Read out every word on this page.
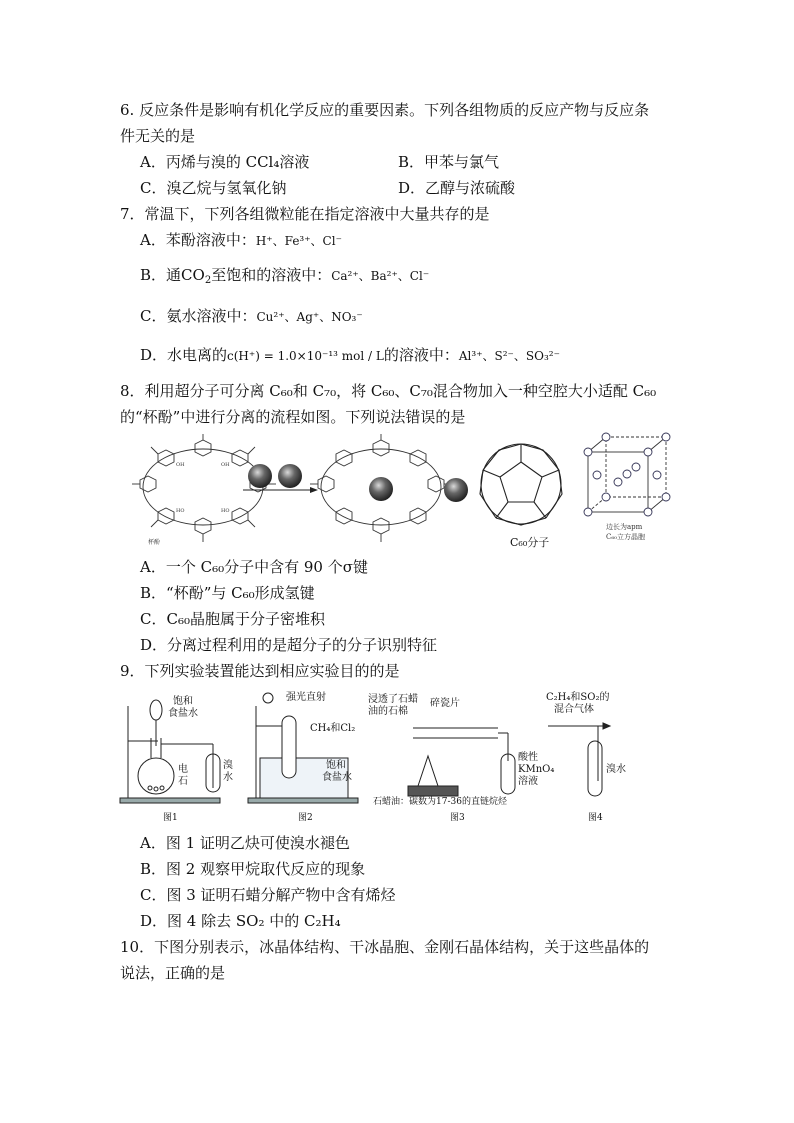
6. 反应条件是影响有机化学反应的重要因素。下列各组物质的反应产物与反应条
件无关的是
A．丙烯与溴的 CCl₄溶液	B．甲苯与氯气
C．溴乙烷与氢氧化钠	D．乙醇与浓硫酸
7．常温下，下列各组微粒能在指定溶液中大量共存的是
A．苯酚溶液中：H⁺、Fe³⁺、Cl⁻
B．通$CO_2$至饱和的溶液中：Ca²⁺、Ba²⁺、Cl⁻
C．氨水溶液中：Cu²⁺、Ag⁺、NO₃⁻
D．水电离的c(H⁺) = 1.0×10⁻¹³ mol / L的溶液中：Al³⁺、S²⁻、SO₃²⁻
8．利用超分子可分离 C₆₀和 C₇₀，将 C₆₀、C₇₀混合物加入一种空腔大小适配 C₆₀
的“杯酚”中进行分离的流程如图。下列说法错误的是
OH	OH
HO	HO
杯酚	C₆₀分子
边长为apm
C₆₀立方晶胞
A．一个 C₆₀分子中含有 90 个σ键
B．“杯酚”与 C₆₀形成氢键
C．C₆₀晶胞属于分子密堆积
D．分离过程利用的是超分子的分子识别特征
9．下列实验装置能达到相应实验目的的是
饱和
食盐水
电
石
溴
水
图1
强光直射
CH₄和Cl₂
饱和
食盐水
图2
浸透了石蜡
油的石棉
碎瓷片
酸性
KMnO₄
溶液
石蜡油：碳数为17-36的直链烷烃
图3
C₂H₄和SO₂的
混合气体
溴水
图4
A．图 1 证明乙炔可使溴水褪色
B．图 2 观察甲烷取代反应的现象
C．图 3 证明石蜡分解产物中含有烯烃
D．图 4 除去 SO₂ 中的 C₂H₄
10．下图分别表示，冰晶体结构、干冰晶胞、金刚石晶体结构，关于这些晶体的
说法，正确的是
